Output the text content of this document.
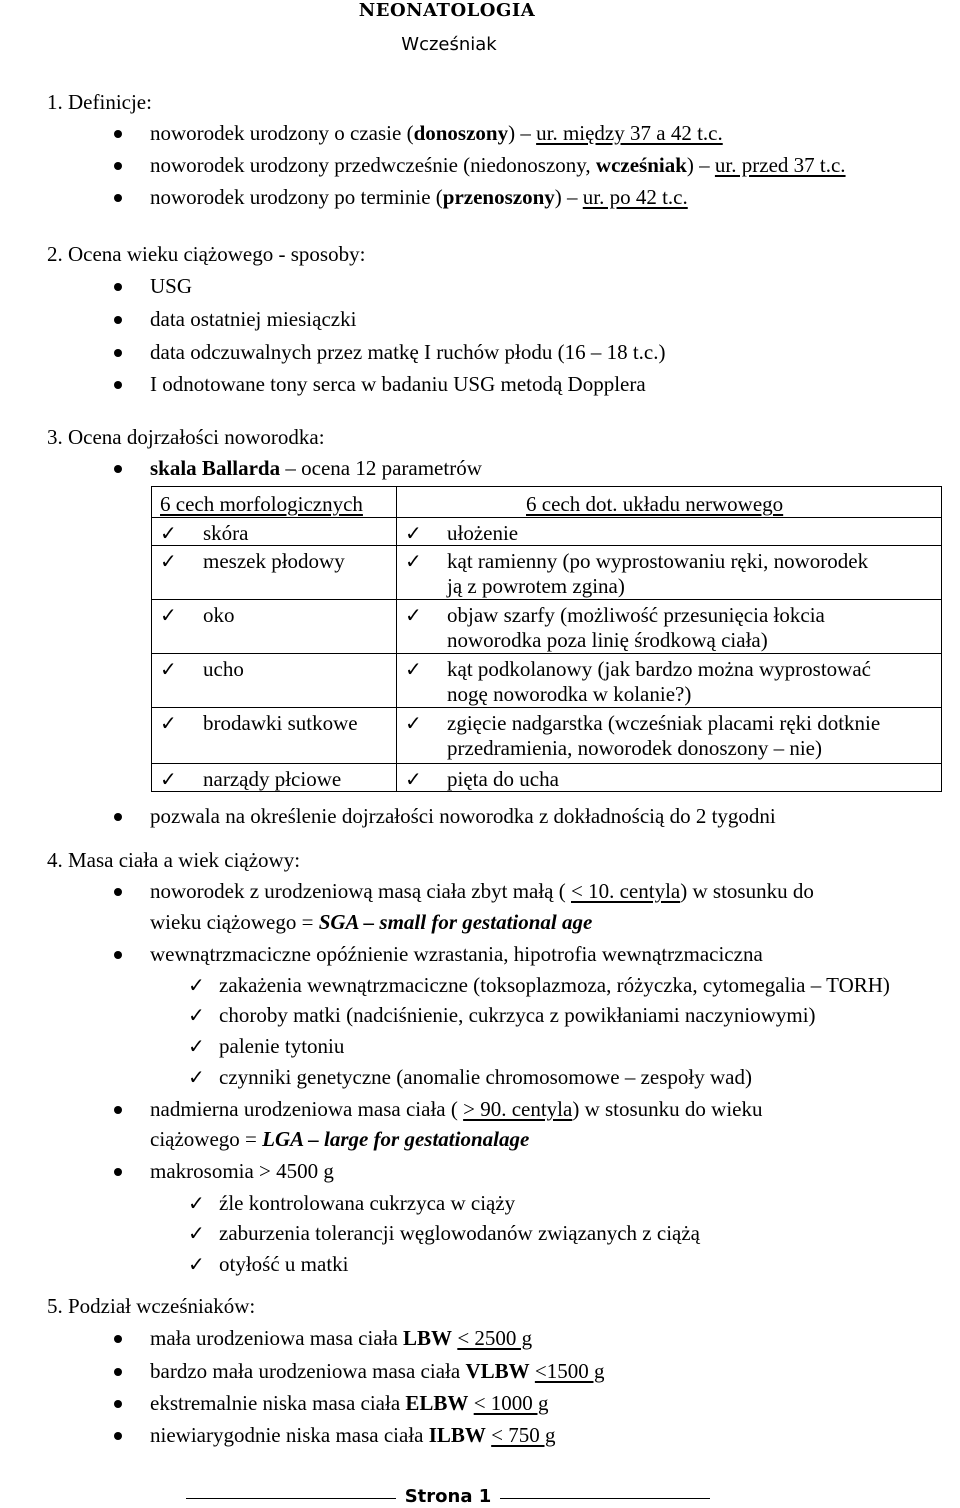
NEONATOLOGIA
Wcześniak
1. Definicje:
noworodek urodzony o czasie (donoszony) – ur. między 37 a 42 t.c.
noworodek urodzony przedwcześnie (niedonoszony, wcześniak) – ur. przed 37 t.c.
noworodek urodzony po terminie (przenoszony) – ur. po 42 t.c.
2. Ocena wieku ciążowego - sposoby:
USG
data ostatniej miesiączki
data odczuwalnych przez matkę I ruchów płodu (16 – 18 t.c.)
I odnotowane tony serca w badaniu USG metodą Dopplera
3. Ocena dojrzałości noworodka:
skala Ballarda – ocena 12 parametrów
6 cech morfologicznych	6 cech dot. układu nerwowego
✓ skóra	✓ ułożenie
✓ meszek płodowy	✓ kąt ramienny (po wyprostowaniu ręki, noworodek
ją z powrotem zgina)
✓ oko	✓ objaw szarfy (możliwość przesunięcia łokcia
noworodka poza linię środkową ciała)
✓ ucho	✓ kąt podkolanowy (jak bardzo można wyprostować
nogę noworodka w kolanie?)
✓ brodawki sutkowe ✓ zgięcie nadgarstka (wcześniak placami ręki dotknie
przedramienia, noworodek donoszony – nie)
✓ narządy płciowe	✓ pięta do ucha
pozwala na określenie dojrzałości noworodka z dokładnością do 2 tygodni
4. Masa ciała a wiek ciążowy:
noworodek z urodzeniową masą ciała zbyt małą ( < 10. centyla) w stosunku do
wieku ciążowego = SGA – small for gestational age
wewnątrzmaciczne opóźnienie wzrastania, hipotrofia wewnątrzmaciczna
✓ zakażenia wewnątrzmaciczne (toksoplazmoza, różyczka, cytomegalia – TORH)
✓ choroby matki (nadciśnienie, cukrzyca z powikłaniami naczyniowymi)
✓ palenie tytoniu
✓ czynniki genetyczne (anomalie chromosomowe – zespoły wad)
nadmierna urodzeniowa masa ciała ( > 90. centyla) w stosunku do wieku
ciążowego = LGA – large for gestationalage
makrosomia > 4500 g
✓ źle kontrolowana cukrzyca w ciąży
✓ zaburzenia tolerancji węglowodanów związanych z ciążą
✓ otyłość u matki
5. Podział wcześniaków:
mała urodzeniowa masa ciała LBW < 2500 g
bardzo mała urodzeniowa masa ciała VLBW <1500 g
ekstremalnie niska masa ciała ELBW < 1000 g
niewiarygodnie niska masa ciała ILBW < 750 g
Strona 1
